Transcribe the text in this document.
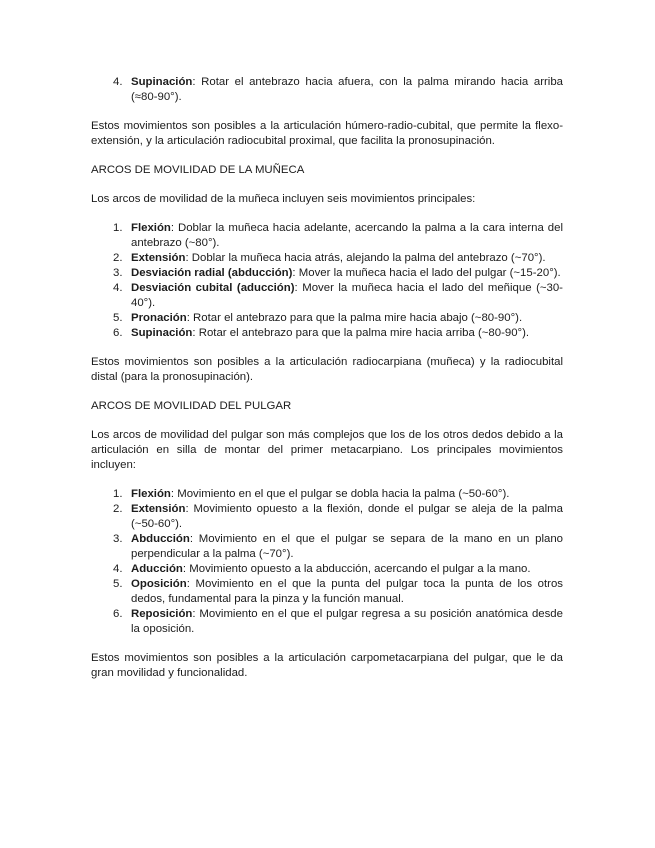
4. Supinación: Rotar el antebrazo hacia afuera, con la palma mirando hacia arriba (≈80-90°).

Estos movimientos son posibles a la articulación húmero-radio-cubital, que permite la flexo-extensión, y la articulación radiocubital proximal, que facilita la pronosupinación.

ARCOS DE MOVILIDAD DE LA MUÑECA

Los arcos de movilidad de la muñeca incluyen seis movimientos principales:

1. Flexión: Doblar la muñeca hacia adelante, acercando la palma a la cara interna del antebrazo (~80°).
2. Extensión: Doblar la muñeca hacia atrás, alejando la palma del antebrazo (~70°).
3. Desviación radial (abducción): Mover la muñeca hacia el lado del pulgar (~15-20°).
4. Desviación cubital (aducción): Mover la muñeca hacia el lado del meñique (~30-40°).
5. Pronación: Rotar el antebrazo para que la palma mire hacia abajo (~80-90°).
6. Supinación: Rotar el antebrazo para que la palma mire hacia arriba (~80-90°).

Estos movimientos son posibles a la articulación radiocarpiana (muñeca) y la radiocubital distal (para la pronosupinación).

ARCOS DE MOVILIDAD DEL PULGAR

Los arcos de movilidad del pulgar son más complejos que los de los otros dedos debido a la articulación en silla de montar del primer metacarpiano. Los principales movimientos incluyen:

1. Flexión: Movimiento en el que el pulgar se dobla hacia la palma (~50-60°).
2. Extensión: Movimiento opuesto a la flexión, donde el pulgar se aleja de la palma (~50-60°).
3. Abducción: Movimiento en el que el pulgar se separa de la mano en un plano perpendicular a la palma (~70°).
4. Aducción: Movimiento opuesto a la abducción, acercando el pulgar a la mano.
5. Oposición: Movimiento en el que la punta del pulgar toca la punta de los otros dedos, fundamental para la pinza y la función manual.
6. Reposición: Movimiento en el que el pulgar regresa a su posición anatómica desde la oposición.

Estos movimientos son posibles a la articulación carpometacarpiana del pulgar, que le da gran movilidad y funcionalidad.
